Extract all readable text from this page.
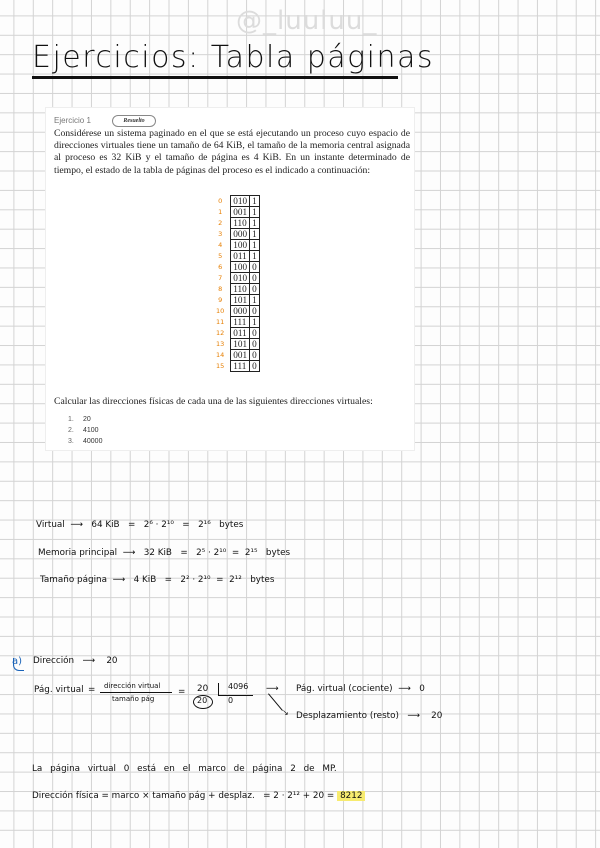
@_luuluu_
Ejercicios: Tabla páginas
Ejercicio 1	Resuelto
Considérese un sistema paginado en el que se está ejecutando un proceso cuyo espacio de direcciones virtuales tiene un tamaño de 64 KiB, el tamaño de la memoria central asignada al proceso es 32 KiB y el tamaño de página es 4 KiB. En un instante determinado de tiempo, el estado de la tabla de páginas del proceso es el indicado a continuación:
0	010	1
1	001	1
2	110	1
3	000	1
4	100	1
5	011	1
6	100	0
7	010	0
8	110	0
9	101	1
10	000	0
11	111	1
12	011	0
13	101	0
14	001	0
15	111	0
Calcular las direcciones físicas de cada una de las siguientes direcciones virtuales:
1. 20
2. 4100
3. 40000
Virtual  ⟶   64 KiB   =   2⁶ · 2¹⁰   =   2¹⁶ bytes
Memoria principal  ⟶   32 KiB   =   2⁵ · 2¹⁰  =  2¹⁵ bytes
Tamaño página  ⟶   4 KiB   =   2² · 2¹⁰  =  2¹² bytes
a) Dirección   ⟶    20
Pág. virtual = dirección virtual
tamaño pág
= 20 4096
20	0
⟶
↘
Pág. virtual (cociente)  ⟶   0
Desplazamiento (resto)   ⟶    20
La página virtual 0 está en el marco de página 2 de MP.
Dirección física = marco × tamaño pág + desplaz. = 2 · 2¹² + 20 = 8212
